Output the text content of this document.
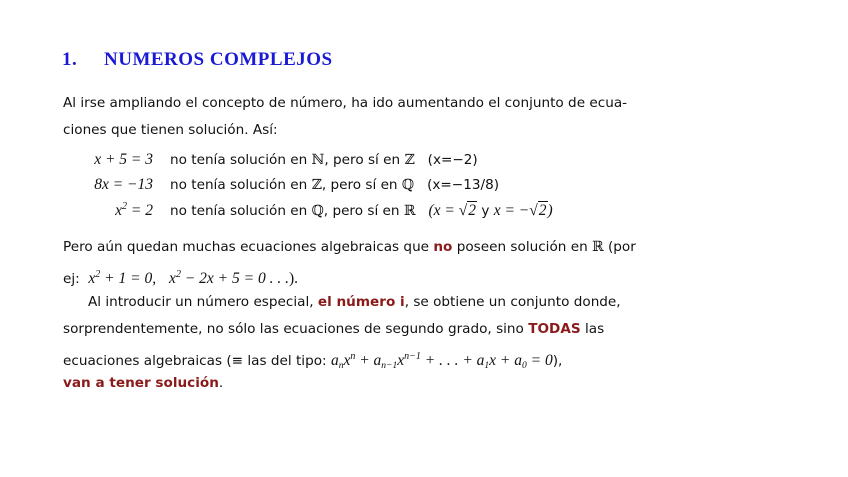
1. NUMEROS COMPLEJOS
Al irse ampliando el concepto de número, ha ido aumentando el conjunto de ecua-
ciones que tienen solución. Así:
x + 5 = 3 no tenía solución en ℕ, pero sí en ℤ (x=−2)
8x = −13 no tenía solución en ℤ, pero sí en ℚ (x=−13/8)
$x^2 = 2$ no tenía solución en ℚ, pero sí en ℝ (x = √2 y x = −√2)
Pero aún quedan muchas ecuaciones algebraicas que no poseen solución en ℝ (por
ej: $x^2 + 1 = 0$, $x^2 - 2x + 5 = 0$ . . .).
Al introducir un número especial, el número i, se obtiene un conjunto donde,
sorprendentemente, no sólo las ecuaciones de segundo grado, sino TODAS las
ecuaciones algebraicas (≡ las del tipo: $a_nx^n + a_{n-1}x^{n-1}$ + . . . + $a_1x + a_0 = 0$),
van a tener solución.
